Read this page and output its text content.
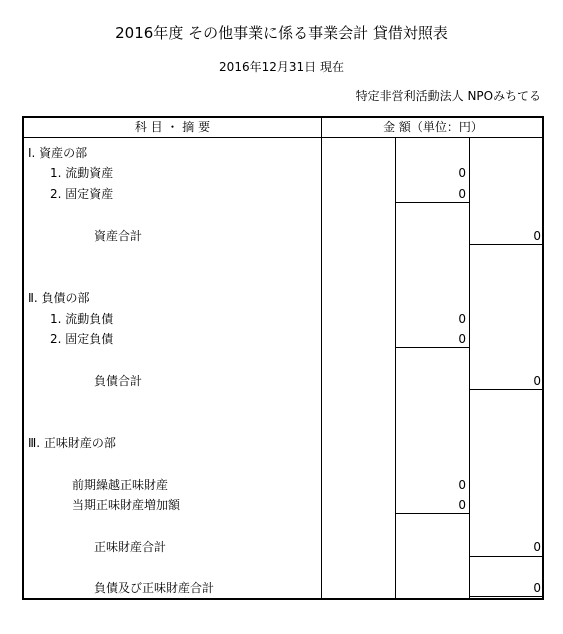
2016年度 その他事業に係る事業会計 貸借対照表
2016年12月31日 現在
特定非営利活動法人 NPOみちてる
科 目 ・ 摘 要	金 額（単位：円）
Ⅰ. 資産の部
1. 流動資産	0
2. 固定資産	0
資産合計	0
Ⅱ. 負債の部
1. 流動負債	0
2. 固定負債	0
負債合計	0
Ⅲ. 正味財産の部
前期繰越正味財産	0
当期正味財産増加額	0
正味財産合計	0
負債及び正味財産合計	0
